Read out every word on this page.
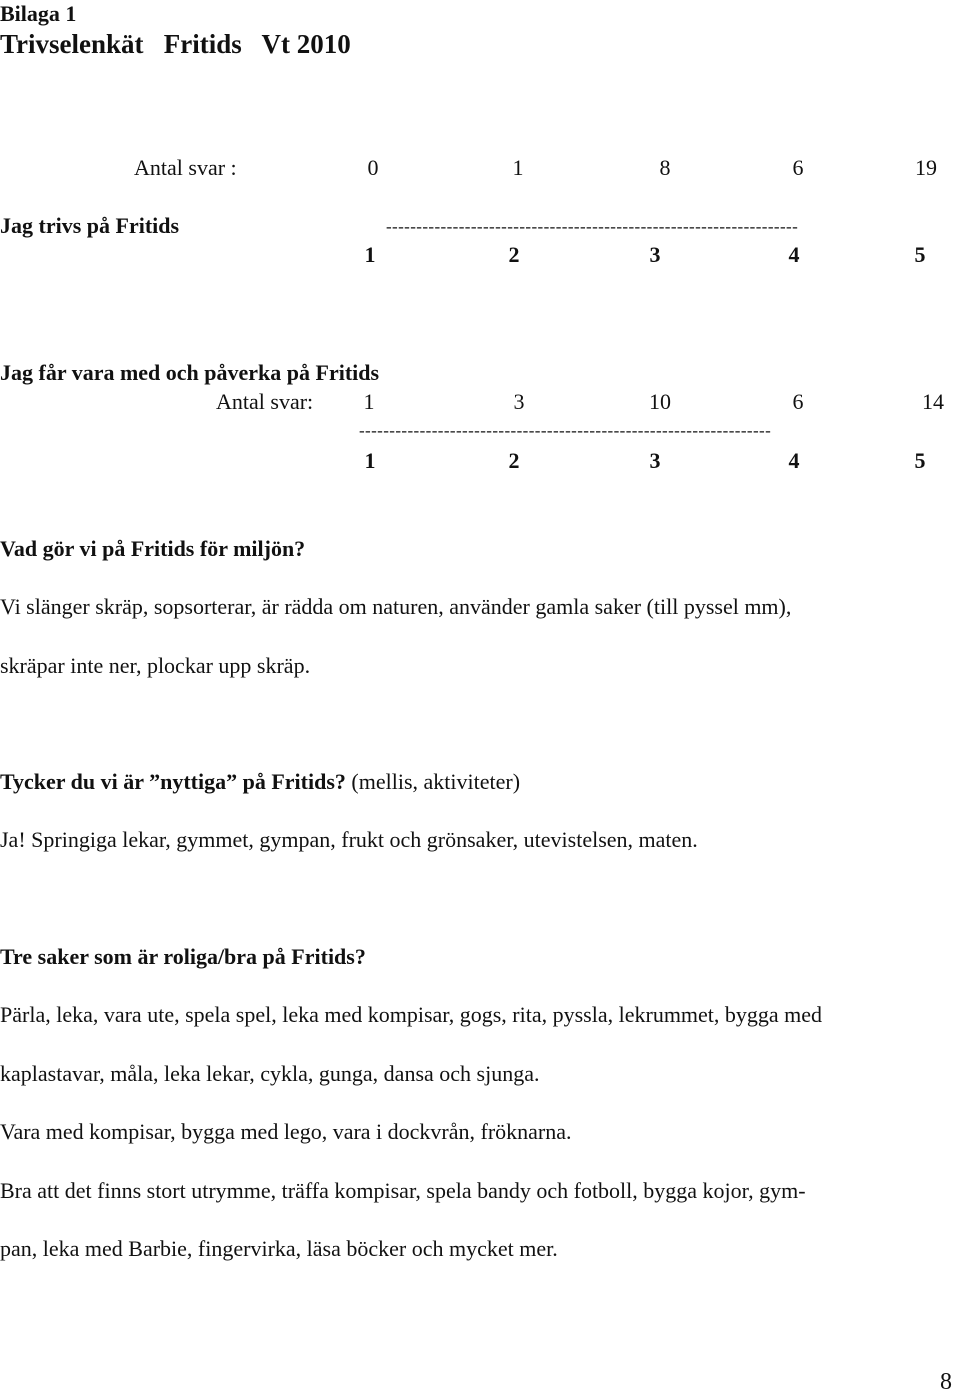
Bilaga 1
Trivselenkät   Fritids   Vt 2010
Antal svar :	0	1	8	6	19
Jag trivs på Fritids	--------------------------------------------------------------------
1	2	3	4	5
Jag får vara med och påverka på Fritids
Antal svar:	1	3	10	6	14
--------------------------------------------------------------------
1	2	3	4	5
Vad gör vi på Fritids för miljön?
Vi slänger skräp, sopsorterar, är rädda om naturen, använder gamla saker (till pyssel mm),
skräpar inte ner, plockar upp skräp.
Tycker du vi är ”nyttiga” på Fritids? (mellis, aktiviteter)
Ja! Springiga lekar, gymmet, gympan, frukt och grönsaker, utevistelsen, maten.
Tre saker som är roliga/bra på Fritids?
Pärla, leka, vara ute, spela spel, leka med kompisar, gogs, rita, pyssla, lekrummet, bygga med
kaplastavar, måla, leka lekar, cykla, gunga, dansa och sjunga.
Vara med kompisar, bygga med lego, vara i dockvrån, fröknarna.
Bra att det finns stort utrymme, träffa kompisar, spela bandy och fotboll, bygga kojor, gym-
pan, leka med Barbie, fingervirka, läsa böcker och mycket mer.
8
